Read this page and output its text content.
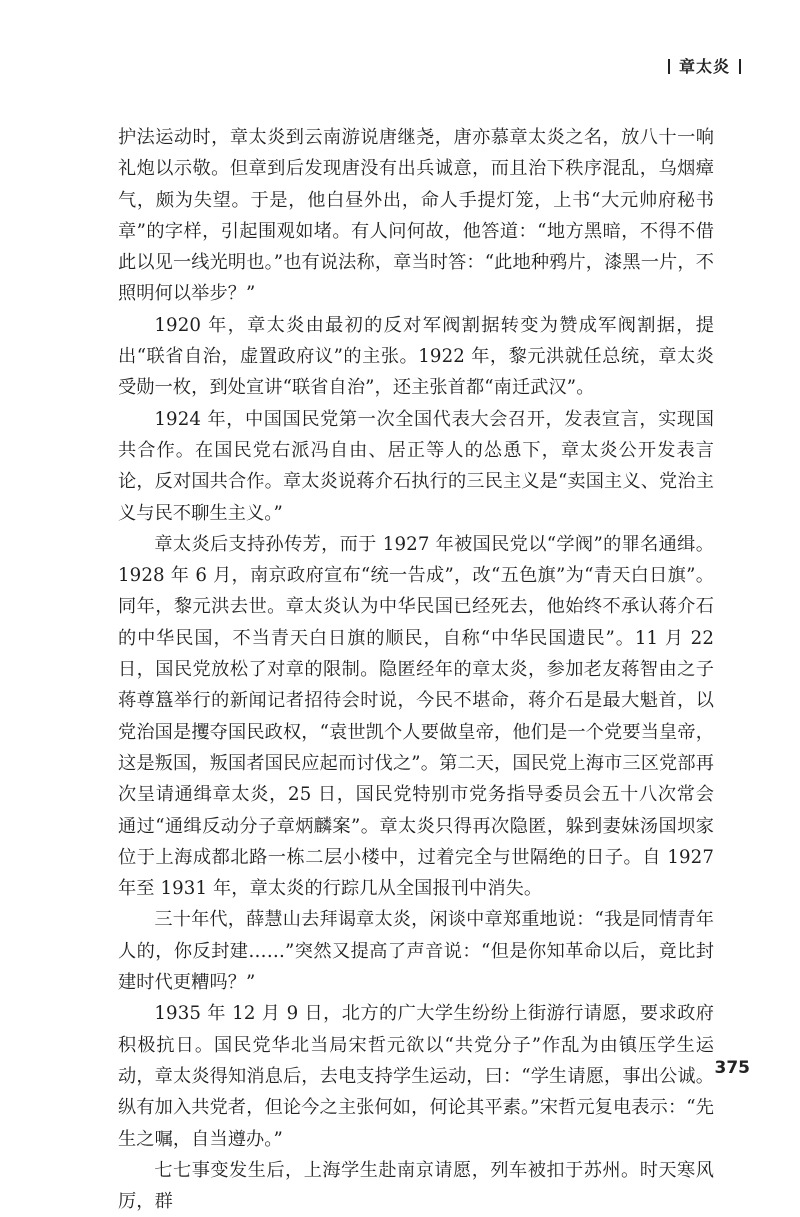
章太炎

护法运动时，章太炎到云南游说唐继尧，唐亦慕章太炎之名，放八十一响礼炮以示敬。但章到后发现唐没有出兵诚意，而且治下秩序混乱，乌烟瘴气，颇为失望。于是，他白昼外出，命人手提灯笼，上书“大元帅府秘书章”的字样，引起围观如堵。有人问何故，他答道：“地方黑暗，不得不借此以见一线光明也。”也有说法称，章当时答：“此地种鸦片，漆黑一片，不照明何以举步？”

1920 年，章太炎由最初的反对军阀割据转变为赞成军阀割据，提出“联省自治，虚置政府议”的主张。1922 年，黎元洪就任总统，章太炎受勋一枚，到处宣讲“联省自治”，还主张首都“南迁武汉”。

1924 年，中国国民党第一次全国代表大会召开，发表宣言，实现国共合作。在国民党右派冯自由、居正等人的怂恿下，章太炎公开发表言论，反对国共合作。章太炎说蒋介石执行的三民主义是“卖国主义、党治主义与民不聊生主义。”

章太炎后支持孙传芳，而于 1927 年被国民党以“学阀”的罪名通缉。1928 年 6 月，南京政府宣布“统一告成”，改“五色旗”为“青天白日旗”。同年，黎元洪去世。章太炎认为中华民国已经死去，他始终不承认蒋介石的中华民国，不当青天白日旗的顺民，自称“中华民国遗民”。11 月 22 日，国民党放松了对章的限制。隐匿经年的章太炎，参加老友蒋智由之子蒋尊簋举行的新闻记者招待会时说，今民不堪命，蒋介石是最大魁首，以党治国是攫夺国民政权，“袁世凯个人要做皇帝，他们是一个党要当皇帝，这是叛国，叛国者国民应起而讨伐之”。第二天，国民党上海市三区党部再次呈请通缉章太炎，25 日，国民党特别市党务指导委员会五十八次常会通过“通缉反动分子章炳麟案”。章太炎只得再次隐匿，躲到妻妹汤国坝家位于上海成都北路一栋二层小楼中，过着完全与世隔绝的日子。自 1927 年至 1931 年，章太炎的行踪几从全国报刊中消失。

三十年代，薛慧山去拜谒章太炎，闲谈中章郑重地说：“我是同情青年人的，你反封建……”突然又提高了声音说：“但是你知革命以后，竟比封建时代更糟吗？”

1935 年 12 月 9 日，北方的广大学生纷纷上街游行请愿，要求政府积极抗日。国民党华北当局宋哲元欲以“共党分子”作乱为由镇压学生运动，章太炎得知消息后，去电支持学生运动，曰：“学生请愿，事出公诚。纵有加入共党者，但论今之主张何如，何论其平素。”宋哲元复电表示：“先生之嘱，自当遵办。”

七七事变发生后，上海学生赴南京请愿，列车被扣于苏州。时天寒风厉，群

375
